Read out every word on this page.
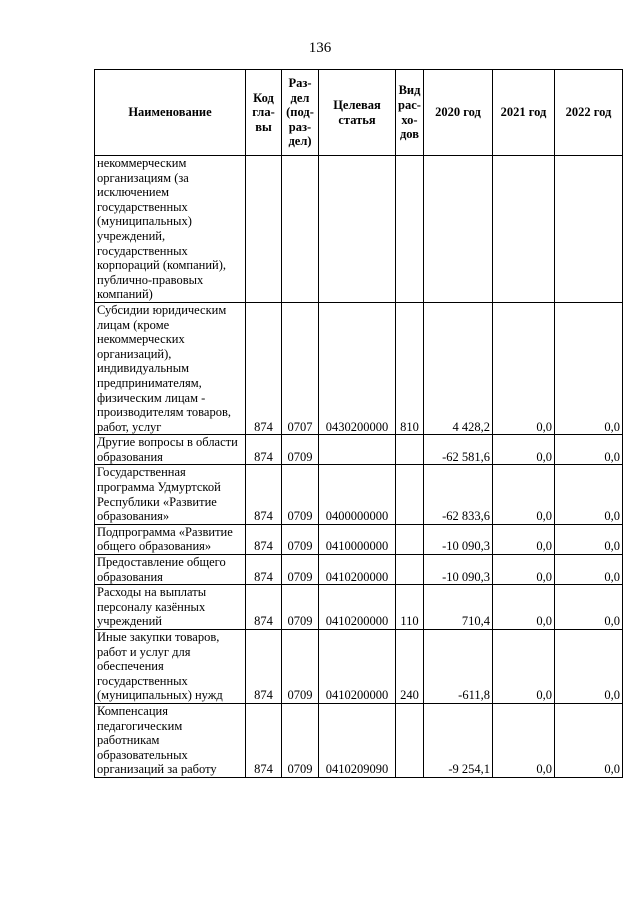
136
Наименование	Код гла-вы	Раз-дел (под-раз-дел)	Целевая статья	Вид рас-хо-дов	2020 год	2021 год	2022 год
некоммерческим организациям (за исключением государственных (муниципальных) учреждений, государственных корпораций (компаний), публично-правовых компаний)							
Субсидии юридическим лицам (кроме некоммерческих организаций), индивидуальным предпринимателям, физическим лицам - производителям товаров, работ, услуг	874	0707	0430200000	810	4 428,2	0,0	0,0
Другие вопросы в области образования	874	0709			-62 581,6	0,0	0,0
Государственная программа Удмуртской Республики «Развитие образования»	874	0709	0400000000		-62 833,6	0,0	0,0
Подпрограмма «Развитие общего образования»	874	0709	0410000000		-10 090,3	0,0	0,0
Предоставление общего образования	874	0709	0410200000		-10 090,3	0,0	0,0
Расходы на выплаты персоналу казённых учреждений	874	0709	0410200000	110	710,4	0,0	0,0
Иные закупки товаров, работ и услуг для обеспечения государственных (муниципальных) нужд	874	0709	0410200000	240	-611,8	0,0	0,0
Компенсация педагогическим работникам образовательных организаций за работу	874	0709	0410209090		-9 254,1	0,0	0,0
